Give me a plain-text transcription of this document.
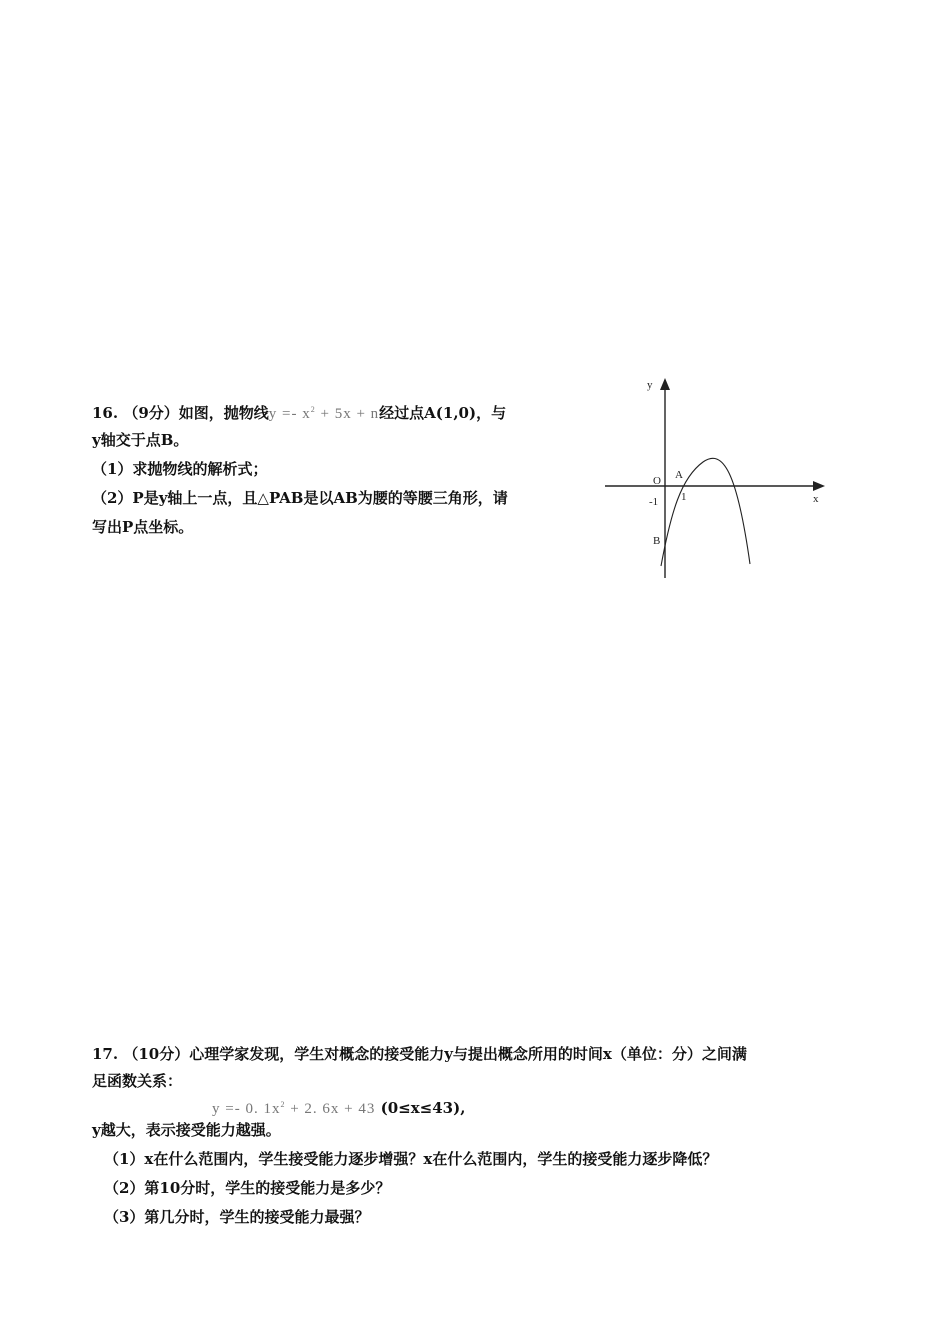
16. （9分）如图，抛物线$y =- x^2 + 5x + n$经过点A(1,0)，与
y轴交于点B。
（1）求抛物线的解析式；
（2）P是y轴上一点，且△PAB是以AB为腰的等腰三角形，请
写出P点坐标。
y
x
O A
1
-1
B
17. （10分）心理学家发现，学生对概念的接受能力y与提出概念所用的时间x（单位：分）之间满
足函数关系：
y =- 0. $1x^2 + 2$. 6x + 43 (0≤x≤43),
y越大，表示接受能力越强。
（1）x在什么范围内，学生接受能力逐步增强？x在什么范围内，学生的接受能力逐步降低？
（2）第10分时，学生的接受能力是多少？
（3）第几分时，学生的接受能力最强？
